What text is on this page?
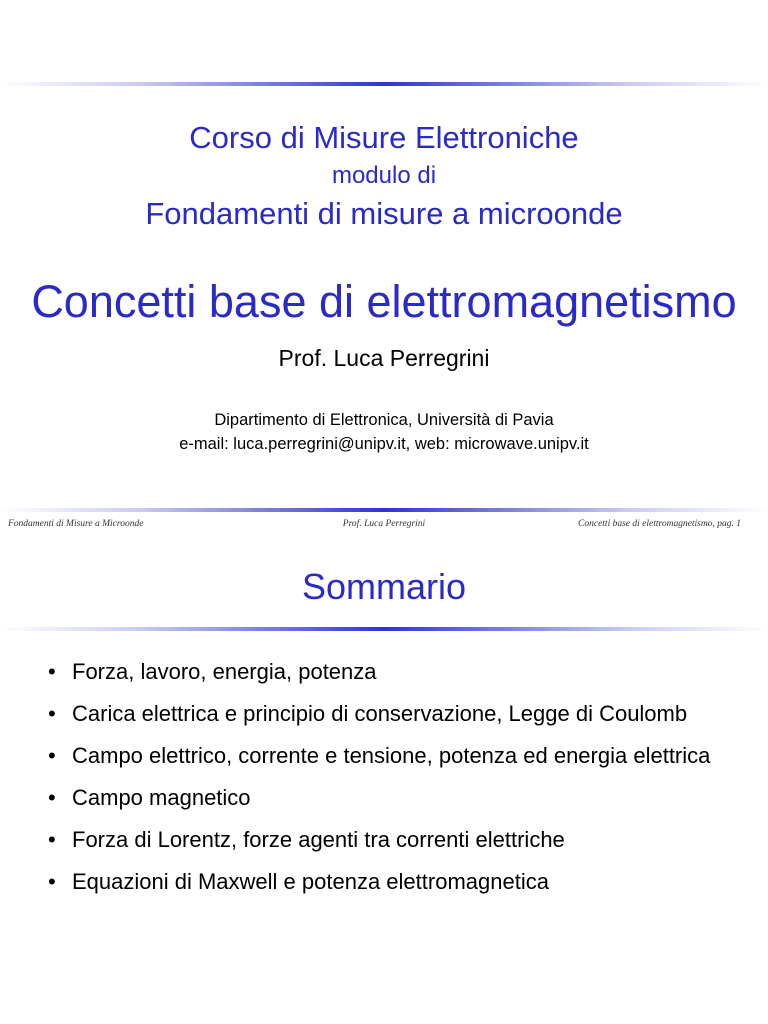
Corso di Misure Elettroniche
modulo di
Fondamenti di misure a microonde
Concetti base di elettromagnetismo
Prof. Luca Perregrini
Dipartimento di Elettronica, Università di Pavia
e-mail: luca.perregrini@unipv.it, web: microwave.unipv.it
Fondamenti di Misure a Microonde	Prof. Luca Perregrini	Concetti base di elettromagnetismo, pag. 1
Sommario
• Forza, lavoro, energia, potenza
• Carica elettrica e principio di conservazione, Legge di Coulomb
• Campo elettrico, corrente e tensione, potenza ed energia elettrica
• Campo magnetico
• Forza di Lorentz, forze agenti tra correnti elettriche
• Equazioni di Maxwell e potenza elettromagnetica
